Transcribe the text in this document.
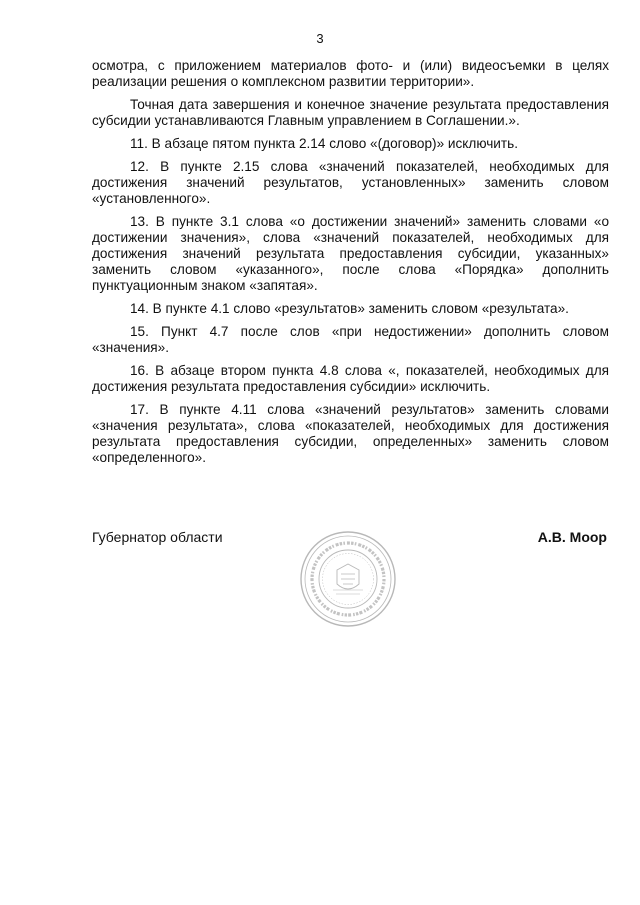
3

осмотра, с приложением материалов фото- и (или) видеосъемки в целях реализации решения о комплексном развитии территории».

Точная дата завершения и конечное значение результата предоставления субсидии устанавливаются Главным управлением в Соглашении.».

11. В абзаце пятом пункта 2.14 слово «(договор)» исключить.

12. В пункте 2.15 слова «значений показателей, необходимых для достижения значений результатов, установленных» заменить словом «установленного».

13. В пункте 3.1 слова «о достижении значений» заменить словами «о достижении значения», слова «значений показателей, необходимых для достижения значений результата предоставления субсидии, указанных» заменить словом «указанного», после слова «Порядка» дополнить пунктуационным знаком «запятая».

14. В пункте 4.1 слово «результатов» заменить словом «результата».

15. Пункт 4.7 после слов «при недостижении» дополнить словом «значения».

16. В абзаце втором пункта 4.8 слова «, показателей, необходимых для достижения результата предоставления субсидии» исключить.

17. В пункте 4.11 слова «значений результатов» заменить словами «значения результата», слова «показателей, необходимых для достижения результата предоставления субсидии, определенных» заменить словом «определенного».

Губернатор области	А.В. Моор
